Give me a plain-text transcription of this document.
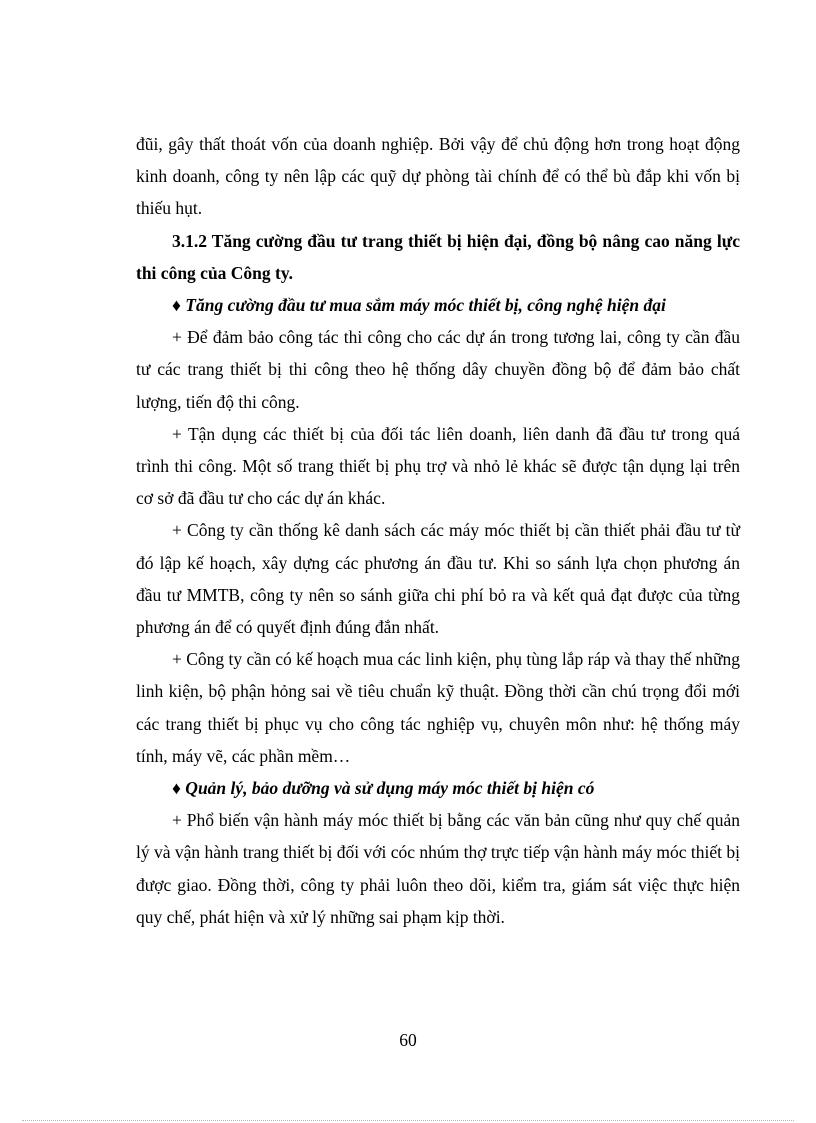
đũi, gây thất thoát vốn của doanh nghiệp. Bởi vậy để chủ động hơn trong hoạt động kinh doanh, công ty nên lập các quỹ dự phòng tài chính để có thể bù đắp khi vốn bị thiếu hụt.

3.1.2 Tăng cường đầu tư trang thiết bị hiện đại, đồng bộ nâng cao năng lực thi công của Công ty.

♦ Tăng cường đầu tư mua sắm máy móc thiết bị, công nghệ hiện đại

+ Để đảm bảo công tác thi công cho các dự án trong tương lai, công ty cần đầu tư các trang thiết bị thi công theo hệ thống dây chuyền đồng bộ để đảm bảo chất lượng, tiến độ thi công.

+ Tận dụng các thiết bị của đối tác liên doanh, liên danh đã đầu tư trong quá trình thi công. Một số trang thiết bị phụ trợ và nhỏ lẻ khác sẽ được tận dụng lại trên cơ sở đã đầu tư cho các dự án khác.

+ Công ty cần thống kê danh sách các máy móc thiết bị cần thiết phải đầu tư từ đó lập kế hoạch, xây dựng các phương án đầu tư. Khi so sánh lựa chọn phương án đầu tư MMTB, công ty nên so sánh giữa chi phí bỏ ra và kết quả đạt được của từng phương án để có quyết định đúng đắn nhất.

+ Công ty cần có kế hoạch mua các linh kiện, phụ tùng lắp ráp và thay thế những linh kiện, bộ phận hỏng sai về tiêu chuẩn kỹ thuật. Đồng thời cần chú trọng đổi mới các trang thiết bị phục vụ cho công tác nghiệp vụ, chuyên môn như: hệ thống máy tính, máy vẽ, các phần mềm…

♦ Quản lý, bảo dưỡng và sử dụng máy móc thiết bị hiện có

+ Phổ biến vận hành máy móc thiết bị bằng các văn bản cũng như quy chế quản lý và vận hành trang thiết bị đối với cóc nhúm thợ trực tiếp vận hành máy móc thiết bị được giao. Đồng thời, công ty phải luôn theo dõi, kiểm tra, giám sát việc thực hiện quy chế, phát hiện và xử lý những sai phạm kịp thời.

60
